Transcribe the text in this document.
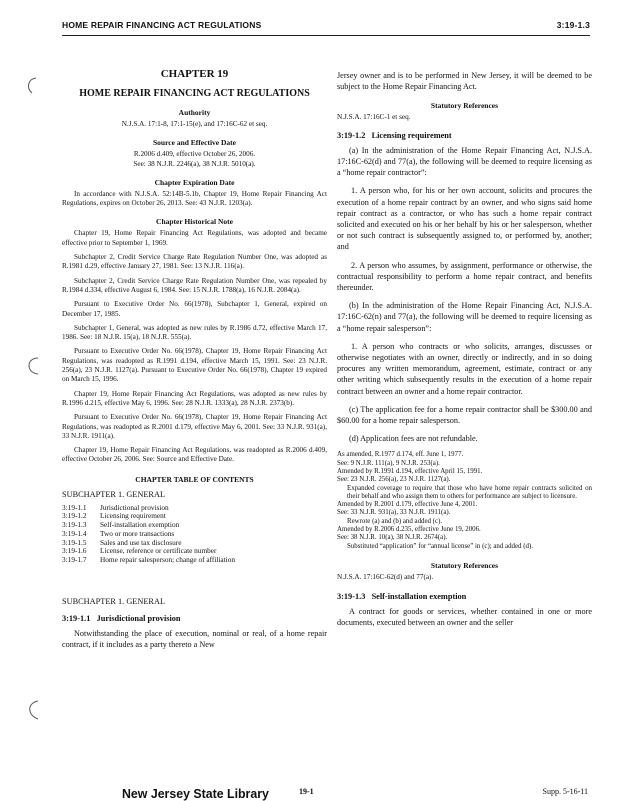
HOME REPAIR FINANCING ACT REGULATIONS	3:19-1.3
CHAPTER 19
HOME REPAIR FINANCING ACT REGULATIONS
Authority
N.J.S.A. 17:1-8, 17:1-15(e), and 17:16C-62 et seq.
Source and Effective Date
R.2006 d.409, effective October 26, 2006.
See: 38 N.J.R. 2246(a), 38 N.J.R. 5010(a).
Chapter Expiration Date
In accordance with N.J.S.A. 52:14B-5.1b, Chapter 19, Home Repair Financing Act Regulations, expires on October 26, 2013. See: 43 N.J.R. 1203(a).
Chapter Historical Note
Chapter 19, Home Repair Financing Act Regulations, was adopted and became effective prior to September 1, 1969.
Subchapter 2, Credit Service Charge Rate Regulation Number One, was adopted as R.1981 d.29, effective January 27, 1981. See: 13 N.J.R. 116(a).
Subchapter 2, Credit Service Charge Rate Regulation Number One, was repealed by R.1984 d.334, effective August 6, 1984. See: 15 N.J.R. 1788(a), 16 N.J.R. 2084(a).
Pursuant to Executive Order No. 66(1978), Subchapter 1, General, expired on December 17, 1985.
Subchapter 1, General, was adopted as new rules by R.1986 d.72, effective March 17, 1986. See: 18 N.J.R. 15(a), 18 N.J.R. 555(a).
Pursuant to Executive Order No. 66(1978), Chapter 19, Home Repair Financing Act Regulations, was readopted as R.1991 d.194, effective March 15, 1991. See: 23 N.J.R. 256(a), 23 N.J.R. 1127(a). Pursuant to Executive Order No. 66(1978), Chapter 19 expired on March 15, 1996.
Chapter 19, Home Repair Financing Act Regulations, was adopted as new rules by R.1996 d.215, effective May 6, 1996. See: 28 N.J.R. 1333(a), 28 N.J.R. 2373(b).
Pursuant to Executive Order No. 66(1978), Chapter 19, Home Repair Financing Act Regulations, was readopted as R.2001 d.179, effective May 6, 2001. See: 33 N.J.R. 931(a), 33 N.J.R. 1911(a).
Chapter 19, Home Repair Financing Act Regulations, was readopted as R.2006 d.409, effective October 26, 2006. See: Source and Effective Date.
CHAPTER TABLE OF CONTENTS
SUBCHAPTER 1. GENERAL
3:19-1.1 Jurisdictional provision
3:19-1.2 Licensing requirement
3:19-1.3 Self-installation exemption
3:19-1.4 Two or more transactions
3:19-1.5 Sales and use tax disclosure
3:19-1.6 License, reference or certificate number
3:19-1.7 Home repair salesperson; change of affiliation
SUBCHAPTER 1. GENERAL
3:19-1.1   Jurisdictional provision
Notwithstanding the place of execution, nominal or real, of a home repair contract, if it includes as a party thereto a New
Jersey owner and is to be performed in New Jersey, it will be deemed to be subject to the Home Repair Financing Act.
Statutory References
N.J.S.A. 17:16C-1 et seq.
3:19-1.2   Licensing requirement
(a) In the administration of the Home Repair Financing Act, N.J.S.A. 17:16C-62(d) and 77(a), the following will be deemed to require licensing as a “home repair contractor”:
1. A person who, for his or her own account, solicits and procures the execution of a home repair contract by an owner, and who signs said home repair contract as a contractor, or who has such a home repair contract solicited and executed on his or her behalf by his or her salesperson, whether or not such contract is subsequently assigned to, or performed by, another; and
2. A person who assumes, by assignment, performance or otherwise, the contractual responsibility to perform a home repair contract, and benefits thereunder.
(b) In the administration of the Home Repair Financing Act, N.J.S.A. 17:16C-62(n) and 77(a), the following will be deemed to require licensing as a “home repair salesperson”:
1. A person who contracts or who solicits, arranges, discusses or otherwise negotiates with an owner, directly or indirectly, and in so doing procures any written memorandum, agreement, estimate, contract or any other writing which subsequently results in the execution of a home repair contract between an owner and a home repair contractor.
(c) The application fee for a home repair contractor shall be $300.00 and $60.00 for a home repair salesperson.
(d) Application fees are not refundable.
As amended, R.1977 d.174, eff. June 1, 1977.
See: 9 N.J.R. 111(a), 9 N.J.R. 253(a).
Amended by R.1991 d.194, effective April 15, 1991.
See: 23 N.J.R. 256(a), 23 N.J.R. 1127(a).
Expanded coverage to require that those who have home repair contracts solicited on their behalf and who assign them to others for performance are subject to licensure.
Amended by R.2001 d.179, effective June 4, 2001.
See: 33 N.J.R. 931(a), 33 N.J.R. 1911(a).
Rewrote (a) and (b) and added (c).
Amended by R.2006 d.235, effective June 19, 2006.
See: 38 N.J.R. 10(a), 38 N.J.R. 2674(a).
Substituted “application” for “annual license” in (c); and added (d).
Statutory References
N.J.S.A. 17:16C-62(d) and 77(a).
3:19-1.3   Self-installation exemption
A contract for goods or services, whether contained in one or more documents, executed between an owner and the seller
New Jersey State Library	19-1	Supp. 5-16-11
